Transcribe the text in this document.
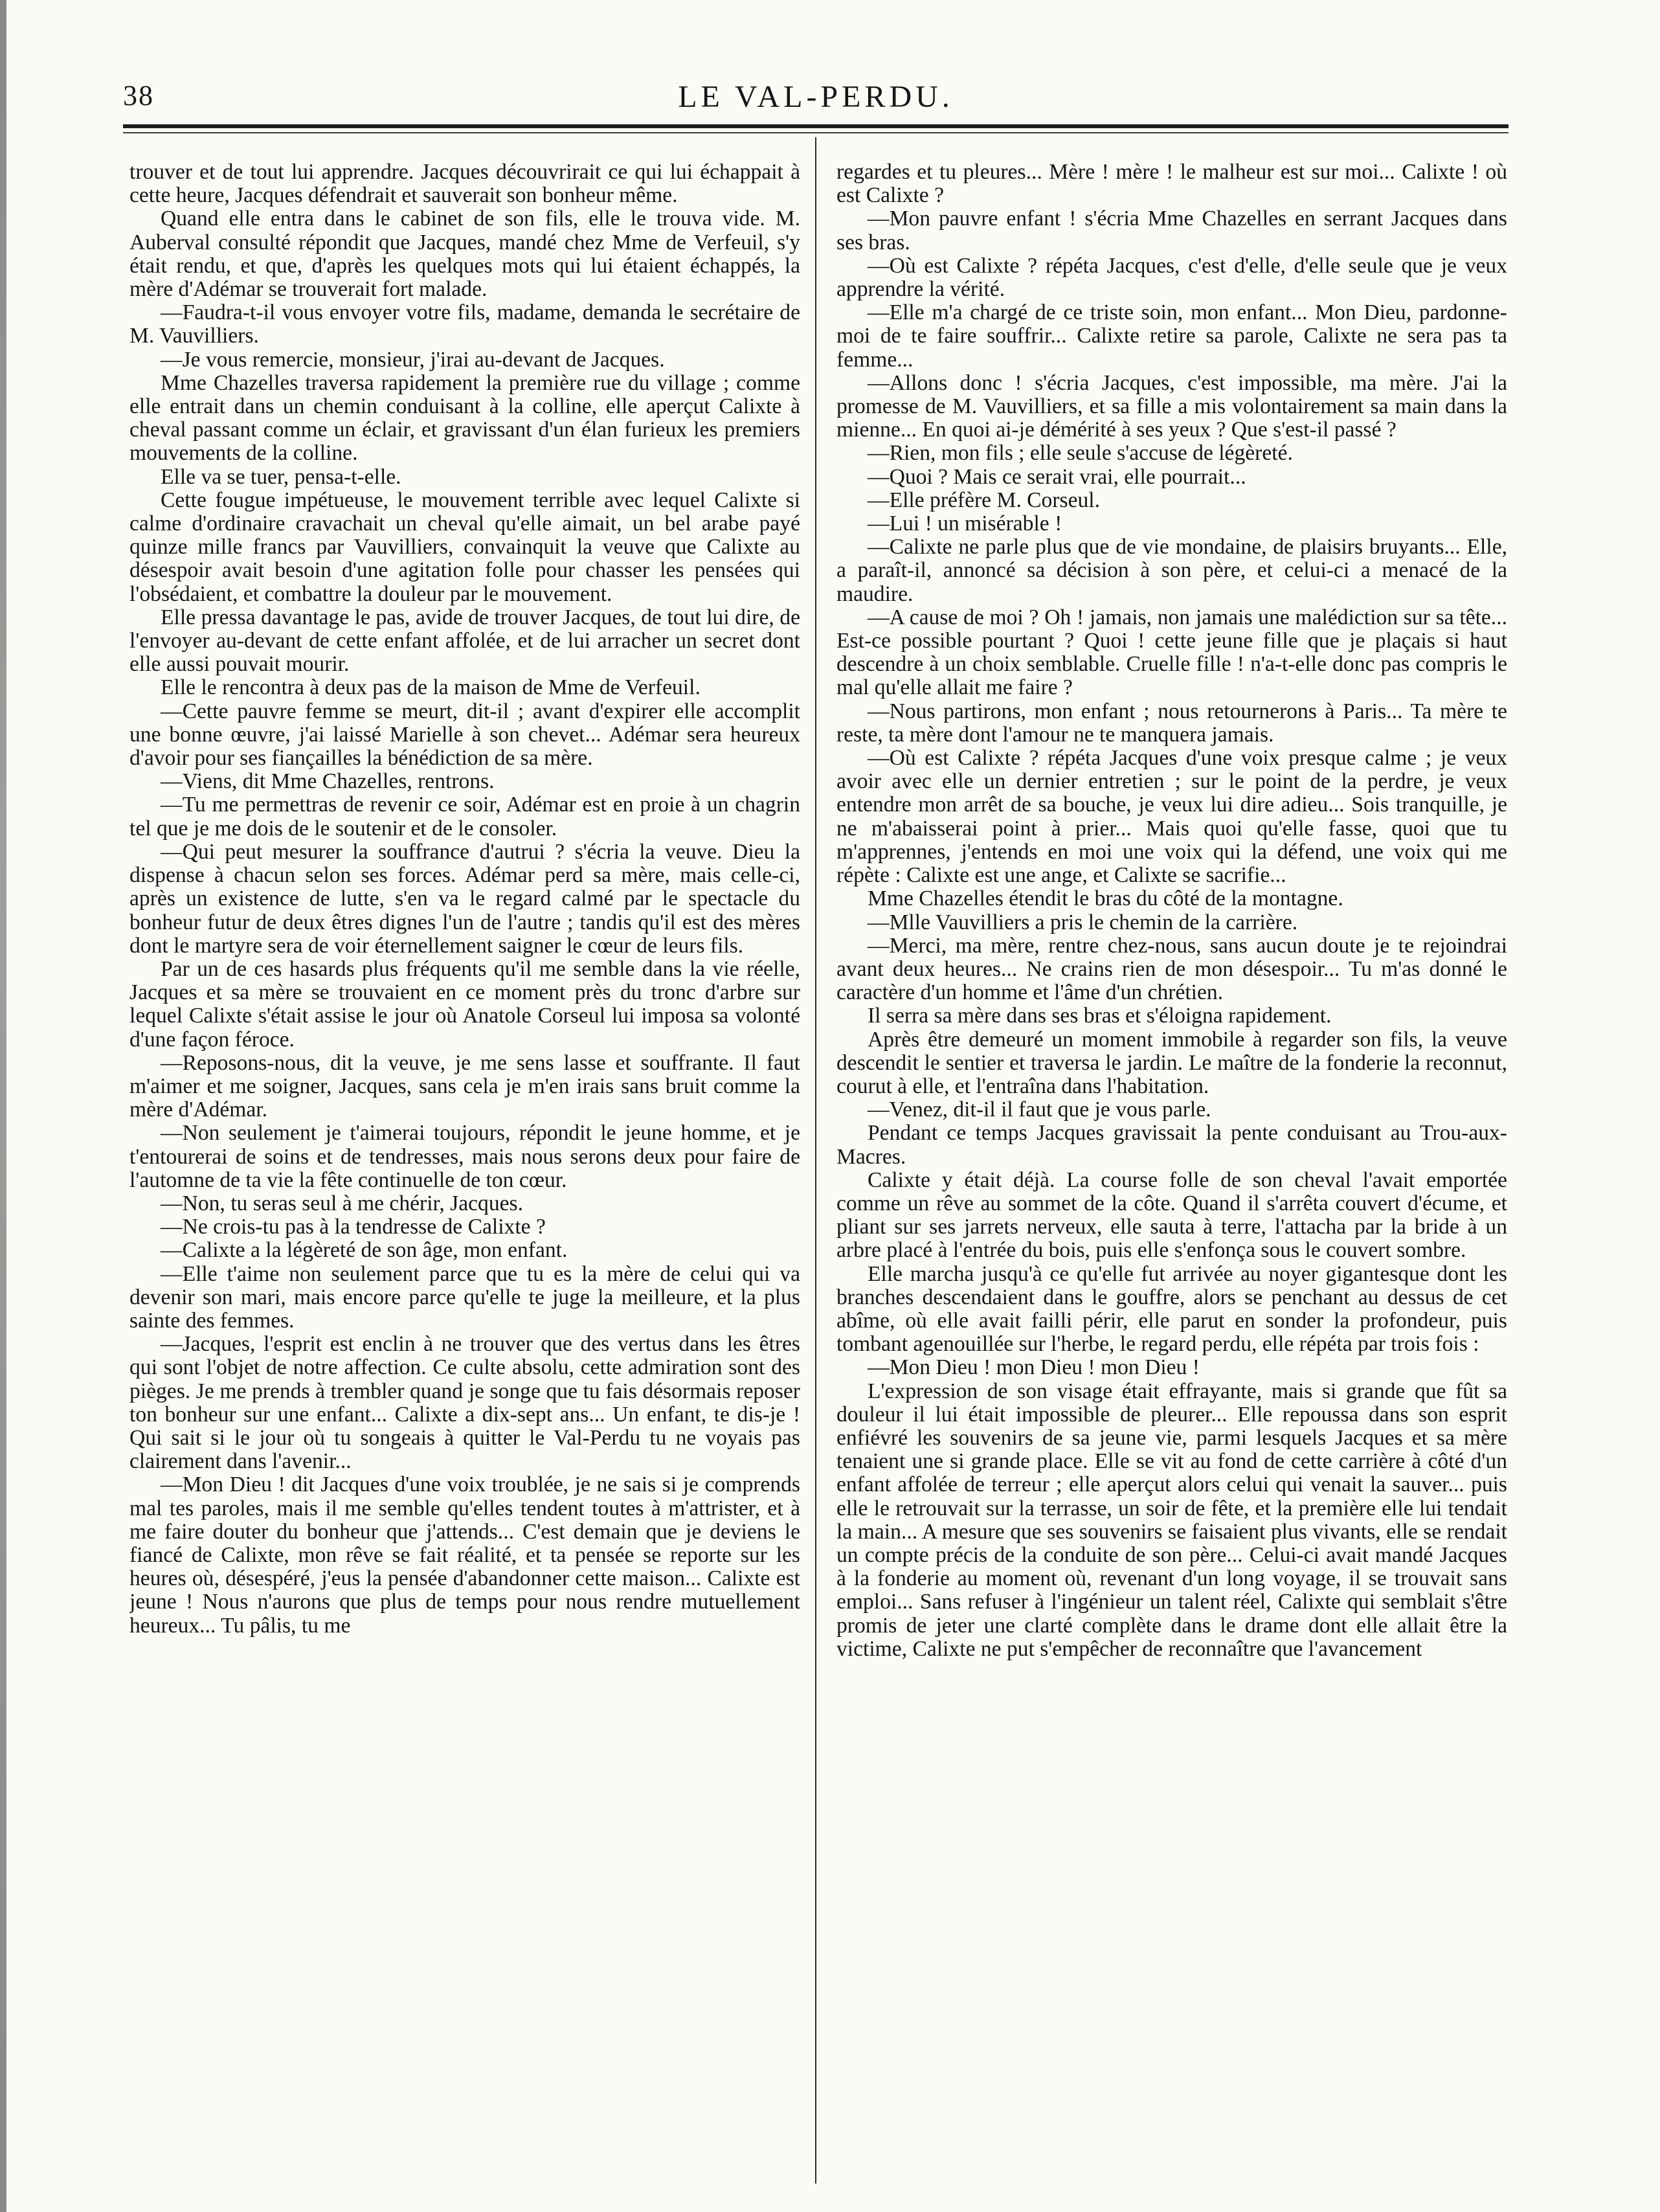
38	LE VAL-PERDU.

trouver et de tout lui apprendre. Jacques découvrirait ce qui lui échappait à cette heure, Jacques défendrait et sauverait son bonheur même.

Quand elle entra dans le cabinet de son fils, elle le trouva vide. M. Auberval consulté répondit que Jacques, mandé chez Mme de Verfeuil, s'y était rendu, et que, d'après les quelques mots qui lui étaient échappés, la mère d'Adémar se trouverait fort malade.

—Faudra-t-il vous envoyer votre fils, madame, demanda le secrétaire de M. Vauvilliers.

—Je vous remercie, monsieur, j'irai au-devant de Jacques.

Mme Chazelles traversa rapidement la première rue du village ; comme elle entrait dans un chemin conduisant à la colline, elle aperçut Calixte à cheval passant comme un éclair, et gravissant d'un élan furieux les premiers mouvements de la colline.

Elle va se tuer, pensa-t-elle.

Cette fougue impétueuse, le mouvement terrible avec lequel Calixte si calme d'ordinaire cravachait un cheval qu'elle aimait, un bel arabe payé quinze mille francs par Vauvilliers, convainquit la veuve que Calixte au désespoir avait besoin d'une agitation folle pour chasser les pensées qui l'obsédaient, et combattre la douleur par le mouvement.

Elle pressa davantage le pas, avide de trouver Jacques, de tout lui dire, de l'envoyer au-devant de cette enfant affolée, et de lui arracher un secret dont elle aussi pouvait mourir.

Elle le rencontra à deux pas de la maison de Mme de Verfeuil.

—Cette pauvre femme se meurt, dit-il ; avant d'expirer elle accomplit une bonne œuvre, j'ai laissé Marielle à son chevet... Adémar sera heureux d'avoir pour ses fiançailles la bénédiction de sa mère.

—Viens, dit Mme Chazelles, rentrons.

—Tu me permettras de revenir ce soir, Adémar est en proie à un chagrin tel que je me dois de le soutenir et de le consoler.

—Qui peut mesurer la souffrance d'autrui ? s'écria la veuve. Dieu la dispense à chacun selon ses forces. Adémar perd sa mère, mais celle-ci, après un existence de lutte, s'en va le regard calmé par le spectacle du bonheur futur de deux êtres dignes l'un de l'autre ; tandis qu'il est des mères dont le martyre sera de voir éternellement saigner le cœur de leurs fils.

Par un de ces hasards plus fréquents qu'il me semble dans la vie réelle, Jacques et sa mère se trouvaient en ce moment près du tronc d'arbre sur lequel Calixte s'était assise le jour où Anatole Corseul lui imposa sa volonté d'une façon féroce.

—Reposons-nous, dit la veuve, je me sens lasse et souffrante. Il faut m'aimer et me soigner, Jacques, sans cela je m'en irais sans bruit comme la mère d'Adémar.

—Non seulement je t'aimerai toujours, répondit le jeune homme, et je t'entourerai de soins et de tendresses, mais nous serons deux pour faire de l'automne de ta vie la fête continuelle de ton cœur.

—Non, tu seras seul à me chérir, Jacques.

—Ne crois-tu pas à la tendresse de Calixte ?

—Calixte a la légèreté de son âge, mon enfant.

—Elle t'aime non seulement parce que tu es la mère de celui qui va devenir son mari, mais encore parce qu'elle te juge la meilleure, et la plus sainte des femmes.

—Jacques, l'esprit est enclin à ne trouver que des vertus dans les êtres qui sont l'objet de notre affection. Ce culte absolu, cette admiration sont des pièges. Je me prends à trembler quand je songe que tu fais désormais reposer ton bonheur sur une enfant... Calixte a dix-sept ans... Un enfant, te dis-je ! Qui sait si le jour où tu songeais à quitter le Val-Perdu tu ne voyais pas clairement dans l'avenir...

—Mon Dieu ! dit Jacques d'une voix troublée, je ne sais si je comprends mal tes paroles, mais il me semble qu'elles tendent toutes à m'attrister, et à me faire douter du bonheur que j'attends... C'est demain que je deviens le fiancé de Calixte, mon rêve se fait réalité, et ta pensée se reporte sur les heures où, désespéré, j'eus la pensée d'abandonner cette maison... Calixte est jeune ! Nous n'aurons que plus de temps pour nous rendre mutuellement heureux... Tu pâlis, tu me

regardes et tu pleures... Mère ! mère ! le malheur est sur moi... Calixte ! où est Calixte ?

—Mon pauvre enfant ! s'écria Mme Chazelles en serrant Jacques dans ses bras.

—Où est Calixte ? répéta Jacques, c'est d'elle, d'elle seule que je veux apprendre la vérité.

—Elle m'a chargé de ce triste soin, mon enfant... Mon Dieu, pardonne-moi de te faire souffrir... Calixte retire sa parole, Calixte ne sera pas ta femme...

—Allons donc ! s'écria Jacques, c'est impossible, ma mère. J'ai la promesse de M. Vauvilliers, et sa fille a mis volontairement sa main dans la mienne... En quoi ai-je démérité à ses yeux ? Que s'est-il passé ?

—Rien, mon fils ; elle seule s'accuse de légèreté.

—Quoi ? Mais ce serait vrai, elle pourrait...

—Elle préfère M. Corseul.

—Lui ! un misérable !

—Calixte ne parle plus que de vie mondaine, de plaisirs bruyants... Elle, a paraît-il, annoncé sa décision à son père, et celui-ci a menacé de la maudire.

—A cause de moi ? Oh ! jamais, non jamais une malédiction sur sa tête... Est-ce possible pourtant ? Quoi ! cette jeune fille que je plaçais si haut descendre à un choix semblable. Cruelle fille ! n'a-t-elle donc pas compris le mal qu'elle allait me faire ?

—Nous partirons, mon enfant ; nous retournerons à Paris... Ta mère te reste, ta mère dont l'amour ne te manquera jamais.

—Où est Calixte ? répéta Jacques d'une voix presque calme ; je veux avoir avec elle un dernier entretien ; sur le point de la perdre, je veux entendre mon arrêt de sa bouche, je veux lui dire adieu... Sois tranquille, je ne m'abaisserai point à prier... Mais quoi qu'elle fasse, quoi que tu m'apprennes, j'entends en moi une voix qui la défend, une voix qui me répète : Calixte est une ange, et Calixte se sacrifie...

Mme Chazelles étendit le bras du côté de la montagne.

—Mlle Vauvilliers a pris le chemin de la carrière.

—Merci, ma mère, rentre chez-nous, sans aucun doute je te rejoindrai avant deux heures... Ne crains rien de mon désespoir... Tu m'as donné le caractère d'un homme et l'âme d'un chrétien.

Il serra sa mère dans ses bras et s'éloigna rapidement.

Après être demeuré un moment immobile à regarder son fils, la veuve descendit le sentier et traversa le jardin. Le maître de la fonderie la reconnut, courut à elle, et l'entraîna dans l'habitation.

—Venez, dit-il il faut que je vous parle.

Pendant ce temps Jacques gravissait la pente conduisant au Trou-aux-Macres.

Calixte y était déjà. La course folle de son cheval l'avait emportée comme un rêve au sommet de la côte. Quand il s'arrêta couvert d'écume, et pliant sur ses jarrets nerveux, elle sauta à terre, l'attacha par la bride à un arbre placé à l'entrée du bois, puis elle s'enfonça sous le couvert sombre.

Elle marcha jusqu'à ce qu'elle fut arrivée au noyer gigantesque dont les branches descendaient dans le gouffre, alors se penchant au dessus de cet abîme, où elle avait failli périr, elle parut en sonder la profondeur, puis tombant agenouillée sur l'herbe, le regard perdu, elle répéta par trois fois :

—Mon Dieu ! mon Dieu ! mon Dieu !

L'expression de son visage était effrayante, mais si grande que fût sa douleur il lui était impossible de pleurer... Elle repoussa dans son esprit enfiévré les souvenirs de sa jeune vie, parmi lesquels Jacques et sa mère tenaient une si grande place. Elle se vit au fond de cette carrière à côté d'un enfant affolée de terreur ; elle aperçut alors celui qui venait la sauver... puis elle le retrouvait sur la terrasse, un soir de fête, et la première elle lui tendait la main... A mesure que ses souvenirs se faisaient plus vivants, elle se rendait un compte précis de la conduite de son père... Celui-ci avait mandé Jacques à la fonderie au moment où, revenant d'un long voyage, il se trouvait sans emploi... Sans refuser à l'ingénieur un talent réel, Calixte qui semblait s'être promis de jeter une clarté complète dans le drame dont elle allait être la victime, Calixte ne put s'empêcher de reconnaître que l'avancement
